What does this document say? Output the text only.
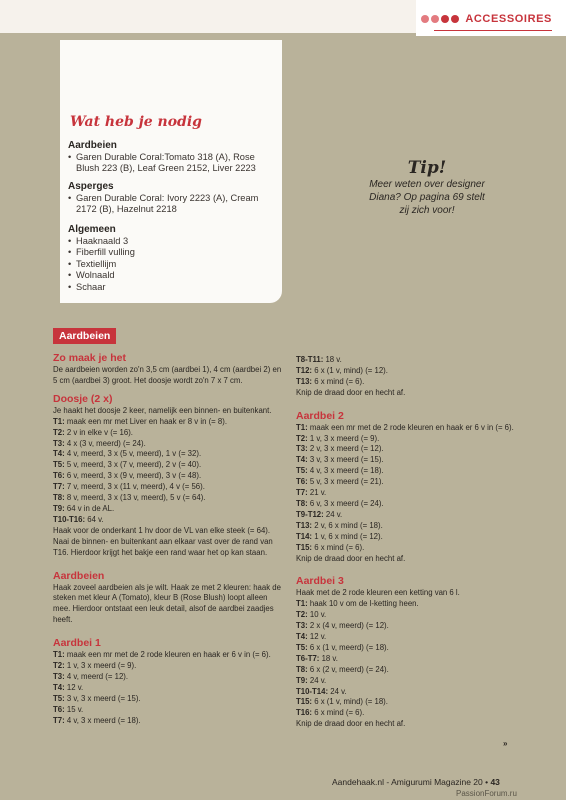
ACCESSOIRES
Wat heb je nodig
Aardbeien
• Garen Durable Coral:Tomato 318 (A), Rose Blush 223 (B), Leaf Green 2152, Liver 2223
Asperges
• Garen Durable Coral: Ivory 2223 (A), Cream 2172 (B), Hazelnut 2218
Algemeen
• Haaknaald 3
• Fiberfill vulling
• Textiellijm
• Wolnaald
• Schaar
Tip!
Meer weten over designer
Diana? Op pagina 69 stelt
zij zich voor!
Aardbeien
Zo maak je het
De aardbeien worden zo'n 3,5 cm (aardbei 1), 4 cm (aardbei 2) en 5 cm (aardbei 3) groot. Het doosje wordt zo'n 7 x 7 cm.
Doosje (2 x)
Je haakt het doosje 2 keer, namelijk een binnen- en buitenkant.
T1: maak een mr met Liver en haak er 8 v in (= 8).
T2: 2 v in elke v (= 16).
T3: 4 x (3 v, meerd) (= 24).
T4: 4 v, meerd, 3 x (5 v, meerd), 1 v (= 32).
T5: 5 v, meerd, 3 x (7 v, meerd), 2 v (= 40).
T6: 6 v, meerd, 3 x (9 v, meerd), 3 v (= 48).
T7: 7 v, meerd, 3 x (11 v, meerd), 4 v (= 56).
T8: 8 v, meerd, 3 x (13 v, meerd), 5 v (= 64).
T9: 64 v in de AL.
T10-T16: 64 v.
Haak voor de onderkant 1 hv door de VL van elke steek (= 64). Naai de binnen- en buitenkant aan elkaar vast over de rand van T16. Hierdoor krijgt het bakje een rand waar het op kan staan.
Aardbeien
Haak zoveel aardbeien als je wilt. Haak ze met 2 kleuren: haak de steken met kleur A (Tomato), kleur B (Rose Blush) loopt alleen mee. Hierdoor ontstaat een leuk detail, alsof de aardbei zaadjes heeft.
Aardbei 1
T1: maak een mr met de 2 rode kleuren en haak er 6 v in (= 6).
T2: 1 v, 3 x meerd (= 9).
T3: 4 v, meerd (= 12).
T4: 12 v.
T5: 3 v, 3 x meerd (= 15).
T6: 15 v.
T7: 4 v, 3 x meerd (= 18).
T8-T11: 18 v.
T12: 6 x (1 v, mind) (= 12).
T13: 6 x mind (= 6).
Knip de draad door en hecht af.
Aardbei 2
T1: maak een mr met de 2 rode kleuren en haak er 6 v in (= 6).
T2: 1 v, 3 x meerd (= 9).
T3: 2 v, 3 x meerd (= 12).
T4: 3 v, 3 x meerd (= 15).
T5: 4 v, 3 x meerd (= 18).
T6: 5 v, 3 x meerd (= 21).
T7: 21 v.
T8: 6 v, 3 x meerd (= 24).
T9-T12: 24 v.
T13: 2 v, 6 x mind (= 18).
T14: 1 v, 6 x mind (= 12).
T15: 6 x mind (= 6).
Knip de draad door en hecht af.
Aardbei 3
Haak met de 2 rode kleuren een ketting van 6 l.
T1: haak 10 v om de l-ketting heen.
T2: 10 v.
T3: 2 x (4 v, meerd) (= 12).
T4: 12 v.
T5: 6 x (1 v, meerd) (= 18).
T6-T7: 18 v.
T8: 6 x (2 v, meerd) (= 24).
T9: 24 v.
T10-T14: 24 v.
T15: 6 x (1 v, mind) (= 18).
T16: 6 x mind (= 6).
Knip de draad door en hecht af.
»
Aandehaak.nl - Amigurumi Magazine 20 • 43
PassionForum.ru
